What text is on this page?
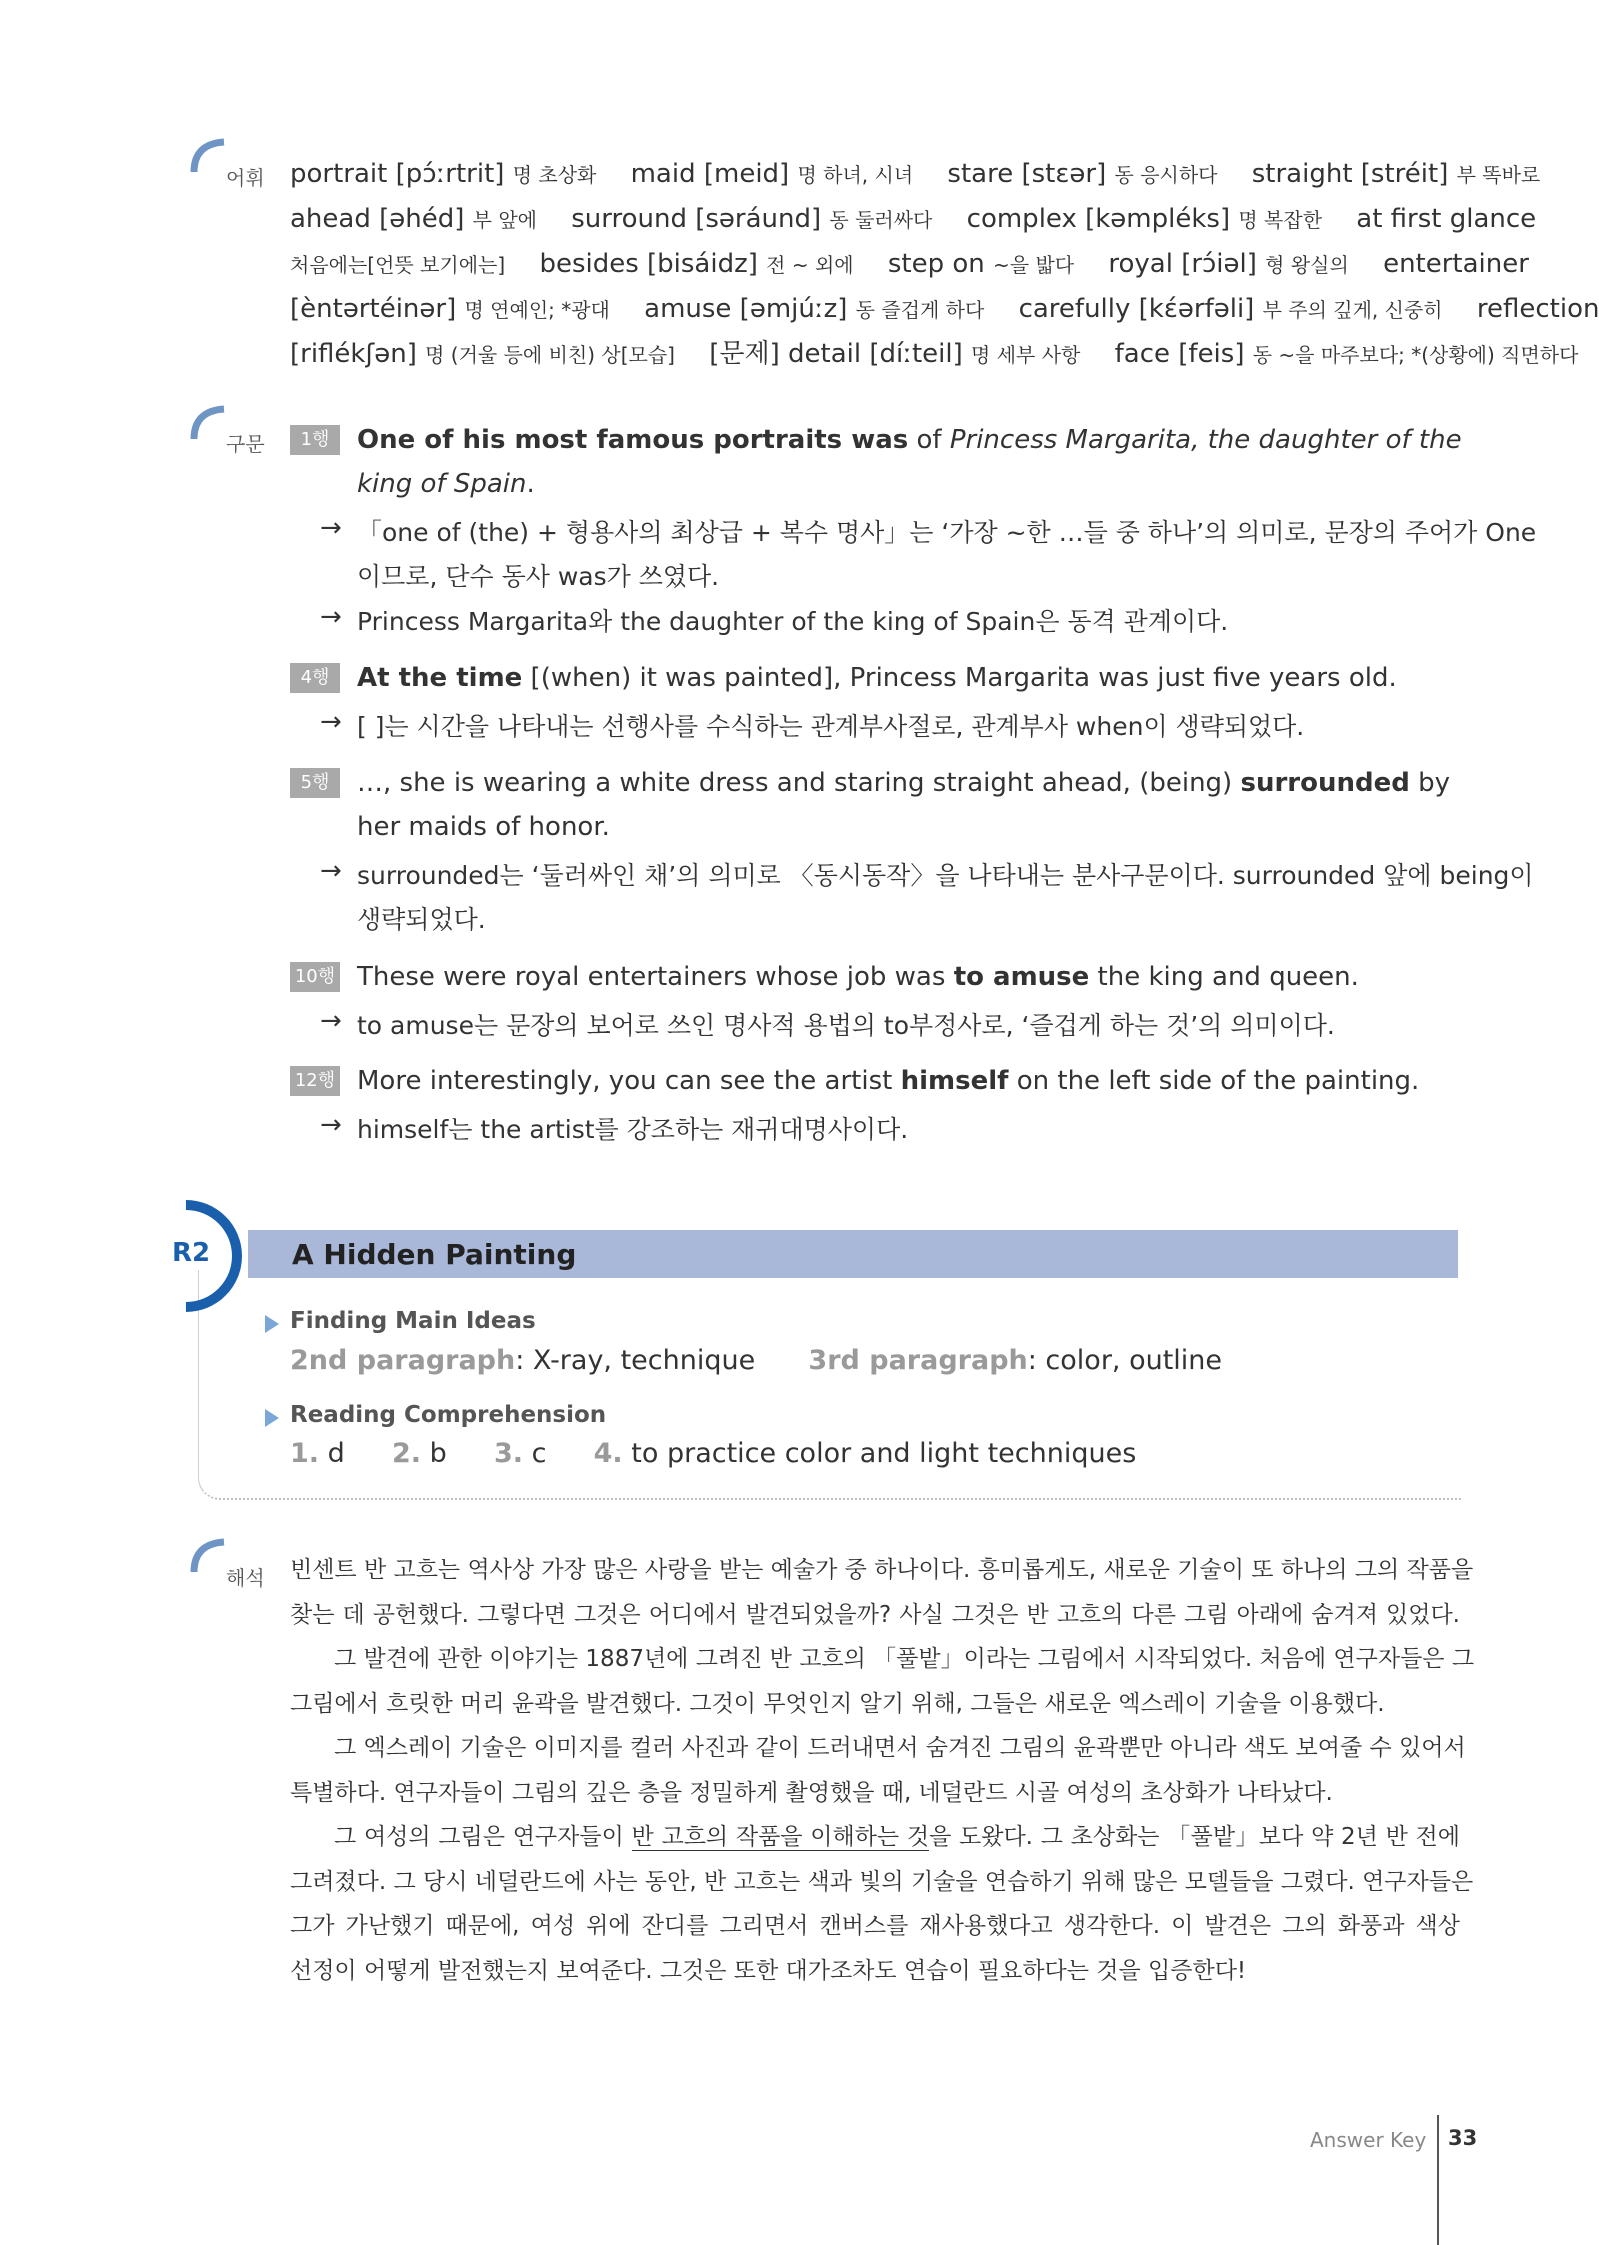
어휘 portrait [pɔ́ːrtrit] 명 초상화 maid [meid] 명 하녀, 시녀 stare [stɛər] 동 응시하다 straight [stréit] 부 똑바로
ahead [əhéd] 부 앞에 surround [səráund] 동 둘러싸다 complex [kəmpléks] 명 복잡한 at first glance
처음에는[언뜻 보기에는] besides [bisáidz] 전 ~ 외에 step on ~을 밟다 royal [rɔ́iəl] 형 왕실의 entertainer
[èntərtéinər] 명 연예인; *광대 amuse [əmjúːz] 동 즐겁게 하다 carefully [kɛ́ərfəli] 부 주의 깊게, 신중히 reflection
[riflékʃən] 명 (거울 등에 비친) 상[모습] [문제] detail [díːteil] 명 세부 사항 face [feis] 동 ~을 마주보다; *(상황에) 직면하다
구문	1행	One of his most famous portraits was of Princess Margarita, the daughter of the
king of Spain.
→ 「one of (the) + 형용사의 최상급 + 복수 명사」는 ‘가장 ~한 …들 중 하나’의 의미로, 문장의 주어가 One
이므로, 단수 동사 was가 쓰였다.
→ Princess Margarita와 the daughter of the king of Spain은 동격 관계이다.
4행	At the time [(when) it was painted], Princess Margarita was just five years old.
→ [ ]는 시간을 나타내는 선행사를 수식하는 관계부사절로, 관계부사 when이 생략되었다.
5행	…, she is wearing a white dress and staring straight ahead, (being) surrounded by
her maids of honor.
→ surrounded는 ‘둘러싸인 채’의 의미로 〈동시동작〉을 나타내는 분사구문이다. surrounded 앞에 being이
생략되었다.
10행 These were royal entertainers whose job was to amuse the king and queen.
→ to amuse는 문장의 보어로 쓰인 명사적 용법의 to부정사로, ‘즐겁게 하는 것’의 의미이다.
12행 More interestingly, you can see the artist himself on the left side of the painting.
→ himself는 the artist를 강조하는 재귀대명사이다.
R2	A Hidden Painting
Finding Main Ideas
2nd paragraph: X-ray, technique 3rd paragraph: color, outline
Reading Comprehension
1. d 2. b 3. c 4. to practice color and light techniques
해석 빈센트 반 고흐는 역사상 가장 많은 사랑을 받는 예술가 중 하나이다. 흥미롭게도, 새로운 기술이 또 하나의 그의 작품을
찾는 데 공헌했다. 그렇다면 그것은 어디에서 발견되었을까? 사실 그것은 반 고흐의 다른 그림 아래에 숨겨져 있었다.
그 발견에 관한 이야기는 1887년에 그려진 반 고흐의 「풀밭」이라는 그림에서 시작되었다. 처음에 연구자들은 그
그림에서 흐릿한 머리 윤곽을 발견했다. 그것이 무엇인지 알기 위해, 그들은 새로운 엑스레이 기술을 이용했다.
그 엑스레이 기술은 이미지를 컬러 사진과 같이 드러내면서 숨겨진 그림의 윤곽뿐만 아니라 색도 보여줄 수 있어서
특별하다. 연구자들이 그림의 깊은 층을 정밀하게 촬영했을 때, 네덜란드 시골 여성의 초상화가 나타났다.
그 여성의 그림은 연구자들이 반 고흐의 작품을 이해하는 것을 도왔다. 그 초상화는 「풀밭」보다 약 2년 반 전에
그려졌다. 그 당시 네덜란드에 사는 동안, 반 고흐는 색과 빛의 기술을 연습하기 위해 많은 모델들을 그렸다. 연구자들은
그가 가난했기 때문에, 여성 위에 잔디를 그리면서 캔버스를 재사용했다고 생각한다. 이 발견은 그의 화풍과 색상
선정이 어떻게 발전했는지 보여준다. 그것은 또한 대가조차도 연습이 필요하다는 것을 입증한다!
Answer Key 33
